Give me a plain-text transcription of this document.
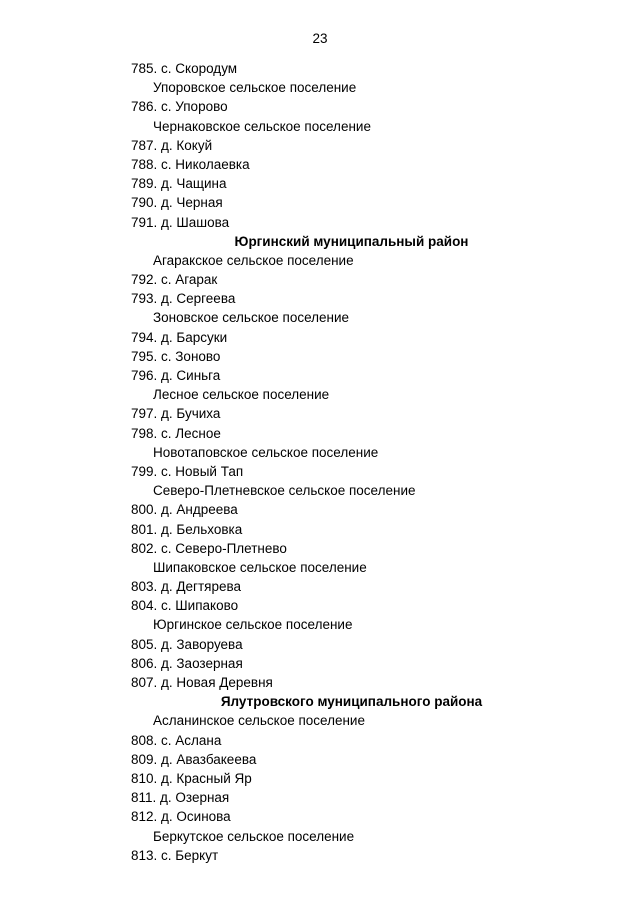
23
785. с. Скородум
Упоровское сельское поселение
786. с. Упорово
Чернаковское сельское поселение
787. д. Кокуй
788. с. Николаевка
789. д. Чащина
790. д. Черная
791. д. Шашова
Юргинский муниципальный район
Агаракское сельское поселение
792. с. Агарак
793. д. Сергеева
Зоновское сельское поселение
794. д. Барсуки
795. с. Зоново
796. д. Синьга
Лесное сельское поселение
797. д. Бучиха
798. с. Лесное
Новотаповское сельское поселение
799. с. Новый Тап
Северо-Плетневское сельское поселение
800. д. Андреева
801. д. Бельховка
802. с. Северо-Плетнево
Шипаковское сельское поселение
803. д. Дегтярева
804. с. Шипаково
Юргинское сельское поселение
805. д. Заворуева
806. д. Заозерная
807. д. Новая Деревня
Ялутровского муниципального района
Асланинское сельское поселение
808. с. Аслана
809. д. Авазбакеева
810. д. Красный Яр
811. д. Озерная
812. д. Осинова
Беркутское сельское поселение
813. с. Беркут
